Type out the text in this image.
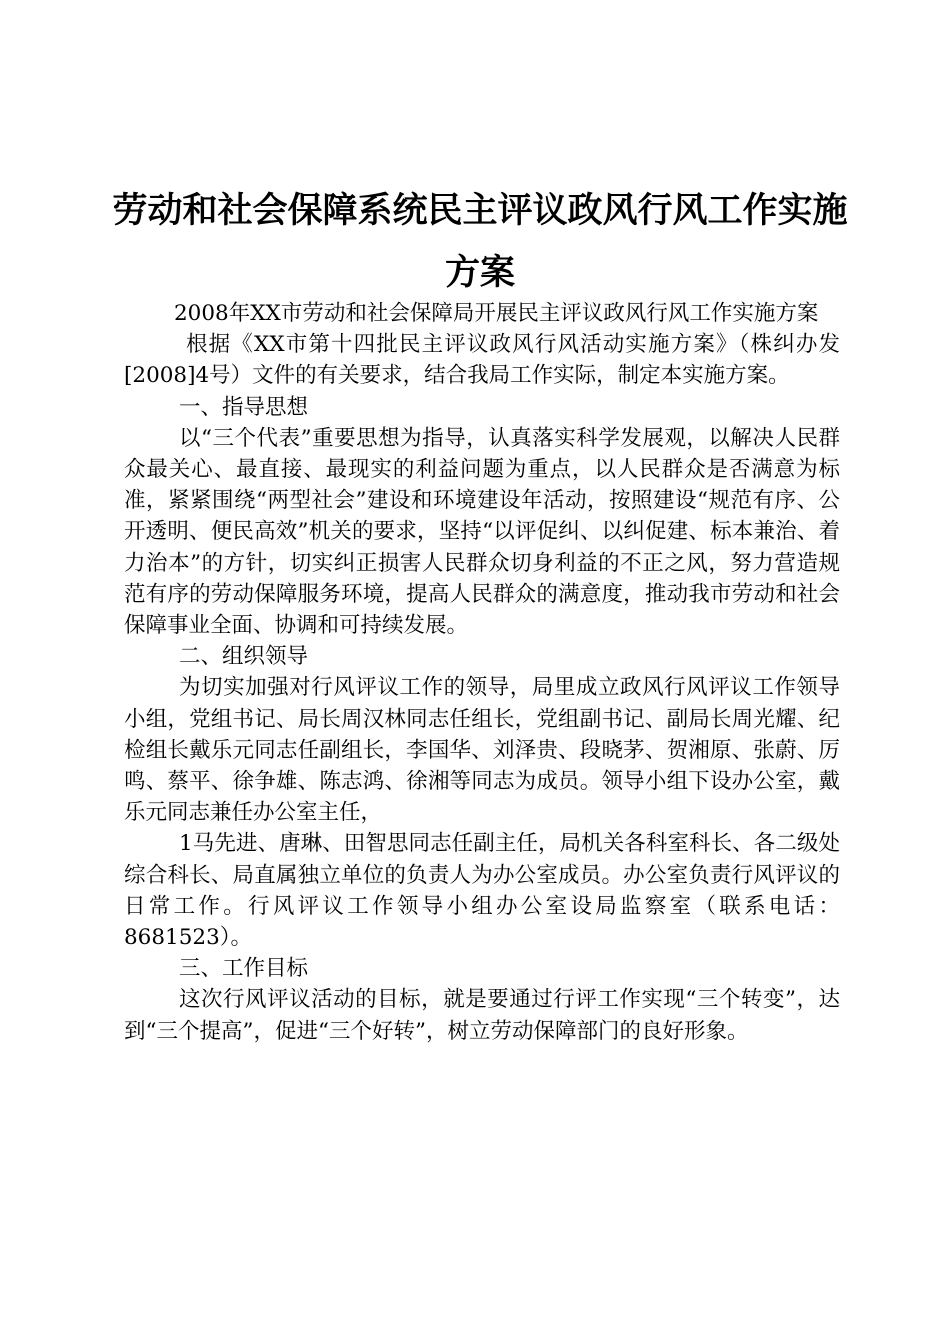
劳动和社会保障系统民主评议政风行风工作实施方案

2008年XX市劳动和社会保障局开展民主评议政风行风工作实施方案

根据《XX市第十四批民主评议政风行风活动实施方案》（株纠办发[2008]4号）文件的有关要求，结合我局工作实际，制定本实施方案。

一、指导思想

以“三个代表”重要思想为指导，认真落实科学发展观，以解决人民群众最关心、最直接、最现实的利益问题为重点，以人民群众是否满意为标准，紧紧围绕“两型社会”建设和环境建设年活动，按照建设“规范有序、公开透明、便民高效”机关的要求，坚持“以评促纠、以纠促建、标本兼治、着力治本”的方针，切实纠正损害人民群众切身利益的不正之风，努力营造规范有序的劳动保障服务环境，提高人民群众的满意度，推动我市劳动和社会保障事业全面、协调和可持续发展。

二、组织领导

为切实加强对行风评议工作的领导，局里成立政风行风评议工作领导小组，党组书记、局长周汉林同志任组长，党组副书记、副局长周光耀、纪检组长戴乐元同志任副组长，李国华、刘泽贵、段晓茅、贺湘原、张蔚、厉鸣、蔡平、徐争雄、陈志鸿、徐湘等同志为成员。领导小组下设办公室，戴乐元同志兼任办公室主任，

1马先进、唐琳、田智思同志任副主任，局机关各科室科长、各二级处综合科长、局直属独立单位的负责人为办公室成员。办公室负责行风评议的日常工作。行风评议工作领导小组办公室设局监察室（联系电话：8681523）。

三、工作目标

这次行风评议活动的目标，就是要通过行评工作实现“三个转变”，达到“三个提高”，促进“三个好转”，树立劳动保障部门的良好形象。
